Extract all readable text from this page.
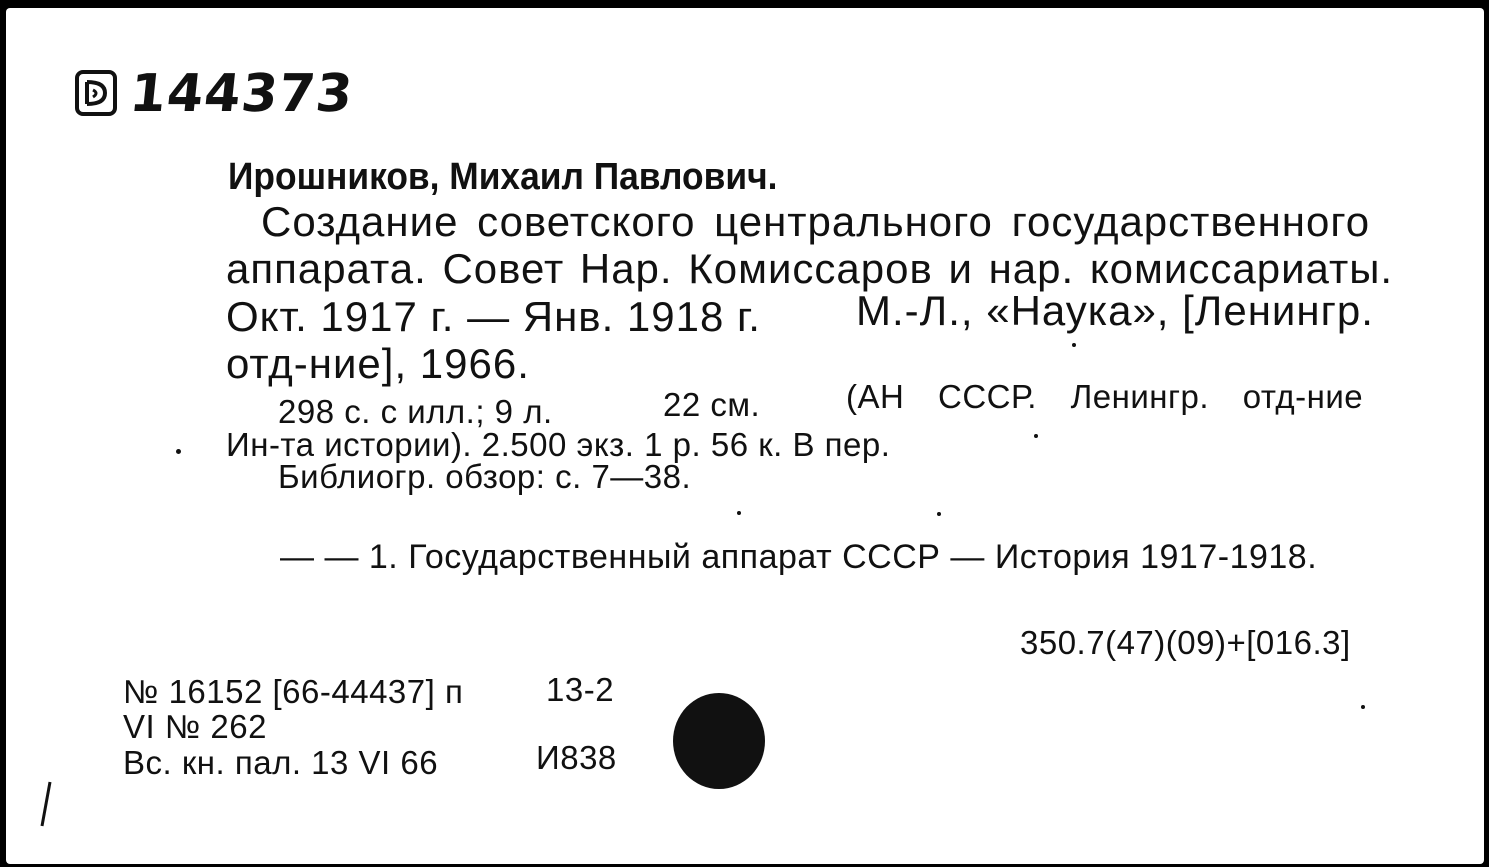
144373
Ирошников, Михаил Павлович.
Создание советского центрального государственного
аппарата. Совет Нар. Комиссаров и нар. комиссариаты.
Окт. 1917 г. — Янв. 1918 г. М.-Л., «Наука», [Ленингр.
отд-ние], 1966.
298 с. с илл.; 9 л.	22 см.	(АН СССР. Ленингр. отд-ние
Ин-та истории). 2.500 экз. 1 р. 56 к. В пер.
Библиогр. обзор: с. 7—38.
— — 1. Государственный аппарат СССР — История 1917-1918.
350.7(47)(09)+[016.3]
№ 16152 [66-44437] п
VI № 262
Вс. кн. пал. 13 VI 66
13-2
И838
